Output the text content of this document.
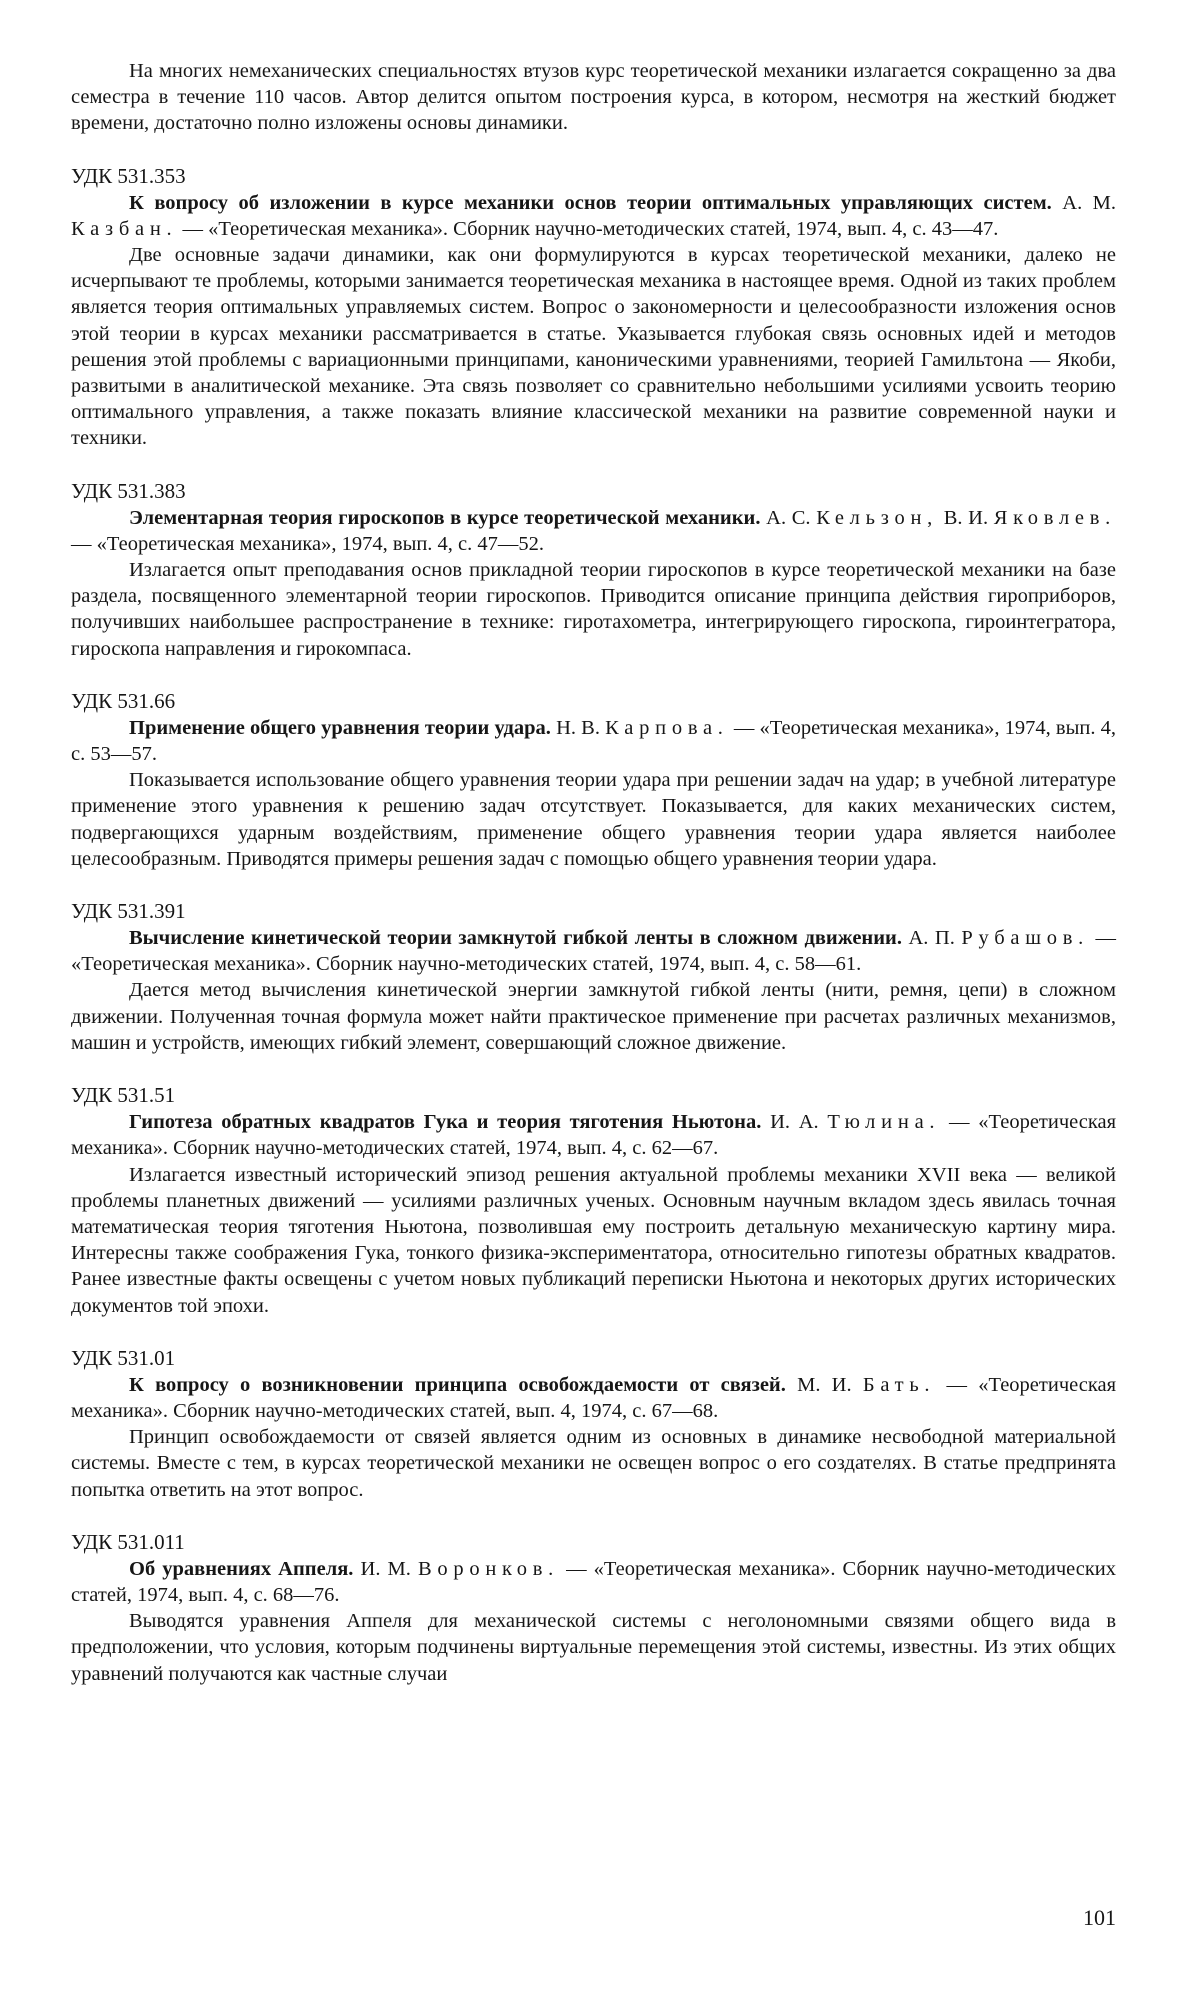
На многих немеханических специальностях втузов курс теоретической механики излагается сокращенно за два семестра в течение 110 часов. Автор делится опытом построения курса, в котором, несмотря на жесткий бюджет времени, достаточно полно изложены основы динамики.

УДК 531.353

К вопросу об изложении в курсе механики основ теории оптимальных управляющих систем. А. М. Казбан. — «Теоретическая механика». Сборник научно-методических статей, 1974, вып. 4, с. 43—47.

Две основные задачи динамики, как они формулируются в курсах теоретической механики, далеко не исчерпывают те проблемы, которыми занимается теоретическая механика в настоящее время. Одной из таких проблем является теория оптимальных управляемых систем. Вопрос о закономерности и целесообразности изложения основ этой теории в курсах механики рассматривается в статье. Указывается глубокая связь основных идей и методов решения этой проблемы с вариационными принципами, каноническими уравнениями, теорией Гамильтона — Якоби, развитыми в аналитической механике. Эта связь позволяет со сравнительно небольшими усилиями усвоить теорию оптимального управления, а также показать влияние классической механики на развитие современной науки и техники.

УДК 531.383

Элементарная теория гироскопов в курсе теоретической механики. А. С. Кельзон, В. И. Яковлев. — «Теоретическая механика», 1974, вып. 4, с. 47—52.

Излагается опыт преподавания основ прикладной теории гироскопов в курсе теоретической механики на базе раздела, посвященного элементарной теории гироскопов. Приводится описание принципа действия гироприборов, получивших наибольшее распространение в технике: гиротахометра, интегрирующего гироскопа, гироинтегратора, гироскопа направления и гирокомпаса.

УДК 531.66

Применение общего уравнения теории удара. Н. В. Карпова. — «Теоретическая механика», 1974, вып. 4, с. 53—57.

Показывается использование общего уравнения теории удара при решении задач на удар; в учебной литературе применение этого уравнения к решению задач отсутствует. Показывается, для каких механических систем, подвергающихся ударным воздействиям, применение общего уравнения теории удара является наиболее целесообразным. Приводятся примеры решения задач с помощью общего уравнения теории удара.

УДК 531.391

Вычисление кинетической теории замкнутой гибкой ленты в сложном движении. А. П. Рубашов. — «Теоретическая механика». Сборник научно-методических статей, 1974, вып. 4, с. 58—61.

Дается метод вычисления кинетической энергии замкнутой гибкой ленты (нити, ремня, цепи) в сложном движении. Полученная точная формула может найти практическое применение при расчетах различных механизмов, машин и устройств, имеющих гибкий элемент, совершающий сложное движение.

УДК 531.51

Гипотеза обратных квадратов Гука и теория тяготения Ньютона. И. А. Тюлина. — «Теоретическая механика». Сборник научно-методических статей, 1974, вып. 4, с. 62—67.

Излагается известный исторический эпизод решения актуальной проблемы механики XVII века — великой проблемы планетных движений — усилиями различных ученых. Основным научным вкладом здесь явилась точная математическая теория тяготения Ньютона, позволившая ему построить детальную механическую картину мира. Интересны также соображения Гука, тонкого физика-экспериментатора, относительно гипотезы обратных квадратов. Ранее известные факты освещены с учетом новых публикаций переписки Ньютона и некоторых других исторических документов той эпохи.

УДК 531.01

К вопросу о возникновении принципа освобождаемости от связей. М. И. Бать. — «Теоретическая механика». Сборник научно-методических статей, вып. 4, 1974, с. 67—68.

Принцип освобождаемости от связей является одним из основных в динамике несвободной материальной системы. Вместе с тем, в курсах теоретической механики не освещен вопрос о его создателях. В статье предпринята попытка ответить на этот вопрос.

УДК 531.011

Об уравнениях Аппеля. И. М. Воронков. — «Теоретическая механика». Сборник научно-методических статей, 1974, вып. 4, с. 68—76.

Выводятся уравнения Аппеля для механической системы с неголономными связями общего вида в предположении, что условия, которым подчинены виртуальные перемещения этой системы, известны. Из этих общих уравнений получаются как частные случаи

101
